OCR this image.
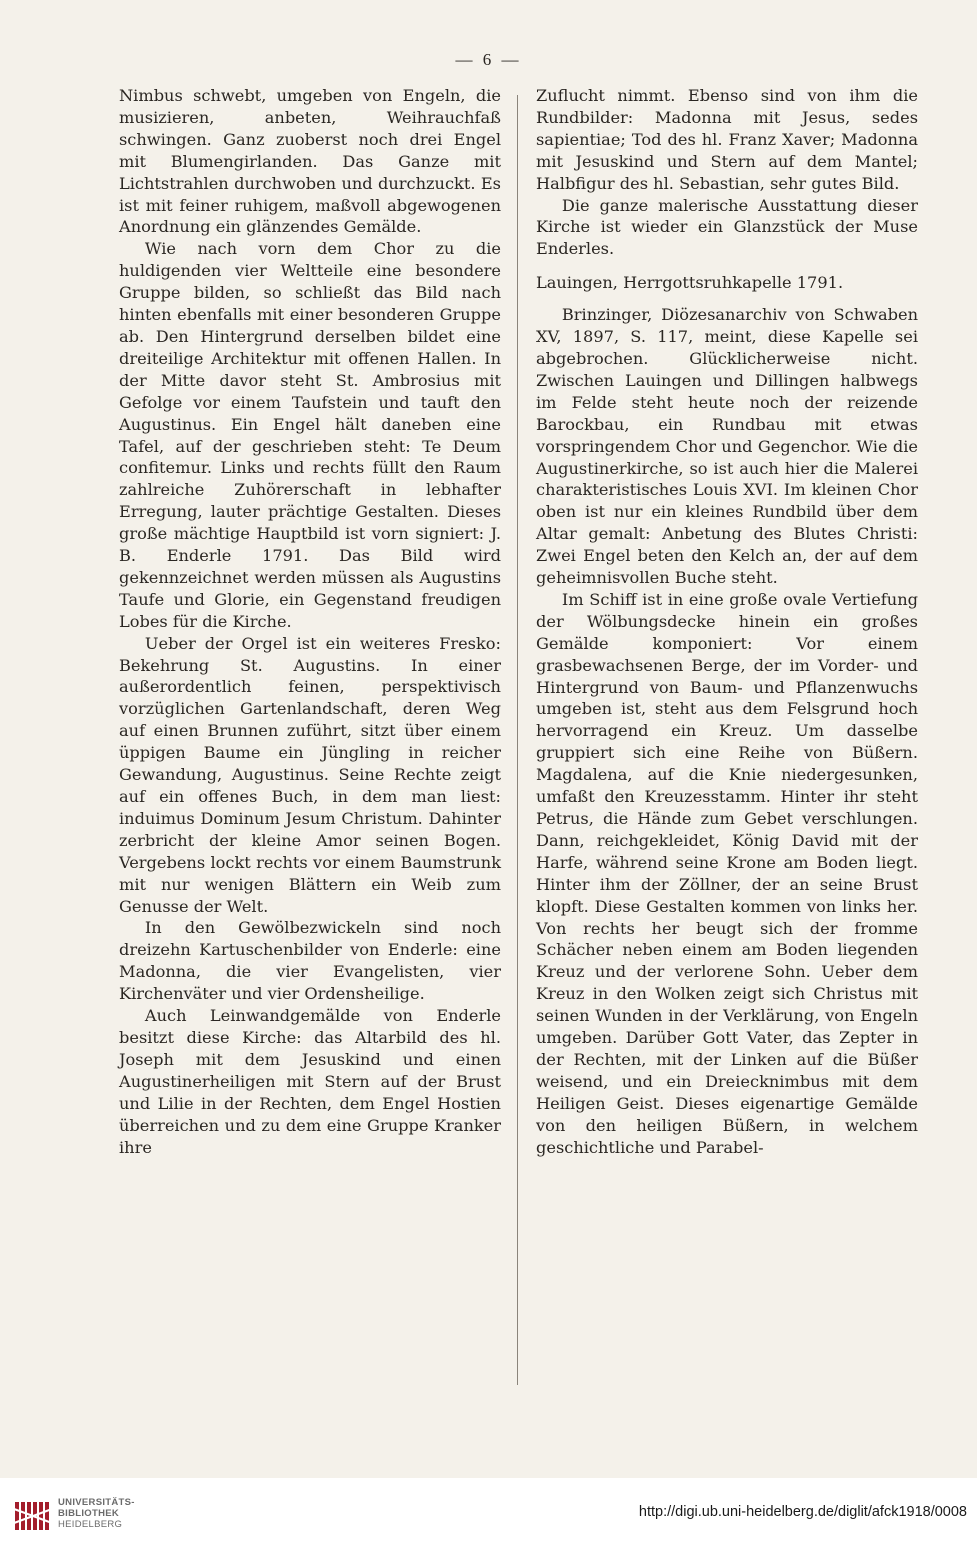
— 6 —

Nimbus schwebt, umgeben von Engeln, die musizieren, anbeten, Weihrauchfaß schwingen. Ganz zuoberst noch drei Engel mit Blumengirlanden. Das Ganze mit Lichtstrahlen durchwoben und durchzuckt. Es ist mit feiner ruhigem, maßvoll abgewogenen Anordnung ein glänzendes Gemälde.

Wie nach vorn dem Chor zu die huldigenden vier Weltteile eine besondere Gruppe bilden, so schließt das Bild nach hinten ebenfalls mit einer besonderen Gruppe ab. Den Hintergrund derselben bildet eine dreiteilige Architektur mit offenen Hallen. In der Mitte davor steht St. Ambrosius mit Gefolge vor einem Taufstein und tauft den Augustinus. Ein Engel hält daneben eine Tafel, auf der geschrieben steht: Te Deum confitemur. Links und rechts füllt den Raum zahlreiche Zuhörerschaft in lebhafter Erregung, lauter prächtige Gestalten. Dieses große mächtige Hauptbild ist vorn signiert: J. B. Enderle 1791. Das Bild wird gekennzeichnet werden müssen als Augustins Taufe und Glorie, ein Gegenstand freudigen Lobes für die Kirche.

Ueber der Orgel ist ein weiteres Fresko: Bekehrung St. Augustins. In einer außerordentlich feinen, perspektivisch vorzüglichen Gartenlandschaft, deren Weg auf einen Brunnen zuführt, sitzt über einem üppigen Baume ein Jüngling in reicher Gewandung, Augustinus. Seine Rechte zeigt auf ein offenes Buch, in dem man liest: induimus Dominum Jesum Christum. Dahinter zerbricht der kleine Amor seinen Bogen. Vergebens lockt rechts vor einem Baumstrunk mit nur wenigen Blättern ein Weib zum Genusse der Welt.

In den Gewölbezwickeln sind noch dreizehn Kartuschenbilder von Enderle: eine Madonna, die vier Evangelisten, vier Kirchenväter und vier Ordensheilige.

Auch Leinwandgemälde von Enderle besitzt diese Kirche: das Altarbild des hl. Joseph mit dem Jesuskind und einen Augustinerheiligen mit Stern auf der Brust und Lilie in der Rechten, dem Engel Hostien überreichen und zu dem eine Gruppe Kranker ihre

Zuflucht nimmt. Ebenso sind von ihm die Rundbilder: Madonna mit Jesus, sedes sapientiae; Tod des hl. Franz Xaver; Madonna mit Jesuskind und Stern auf dem Mantel; Halbfigur des hl. Sebastian, sehr gutes Bild.

Die ganze malerische Ausstattung dieser Kirche ist wieder ein Glanzstück der Muse Enderles.

Lauingen, Herrgottsruhkapelle 1791.

Brinzinger, Diözesanarchiv von Schwaben XV, 1897, S. 117, meint, diese Kapelle sei abgebrochen. Glücklicherweise nicht. Zwischen Lauingen und Dillingen halbwegs im Felde steht heute noch der reizende Barockbau, ein Rundbau mit etwas vorspringendem Chor und Gegenchor. Wie die Augustinerkirche, so ist auch hier die Malerei charakteristisches Louis XVI. Im kleinen Chor oben ist nur ein kleines Rundbild über dem Altar gemalt: Anbetung des Blutes Christi: Zwei Engel beten den Kelch an, der auf dem geheimnisvollen Buche steht.

Im Schiff ist in eine große ovale Vertiefung der Wölbungsdecke hinein ein großes Gemälde komponiert: Vor einem grasbewachsenen Berge, der im Vorder- und Hintergrund von Baum- und Pflanzenwuchs umgeben ist, steht aus dem Felsgrund hoch hervorragend ein Kreuz. Um dasselbe gruppiert sich eine Reihe von Büßern. Magdalena, auf die Knie niedergesunken, umfaßt den Kreuzesstamm. Hinter ihr steht Petrus, die Hände zum Gebet verschlungen. Dann, reichgekleidet, König David mit der Harfe, während seine Krone am Boden liegt. Hinter ihm der Zöllner, der an seine Brust klopft. Diese Gestalten kommen von links her. Von rechts her beugt sich der fromme Schächer neben einem am Boden liegenden Kreuz und der verlorene Sohn. Ueber dem Kreuz in den Wolken zeigt sich Christus mit seinen Wunden in der Verklärung, von Engeln umgeben. Darüber Gott Vater, das Zepter in der Rechten, mit der Linken auf die Büßer weisend, und ein Dreiecknimbus mit dem Heiligen Geist. Dieses eigenartige Gemälde von den heiligen Büßern, in welchem geschichtliche und Parabel-

UNIVERSITÄTS-
BIBLIOTHEK
HEIDELBERG
http://digi.ub.uni-heidelberg.de/diglit/afck1918/0008
